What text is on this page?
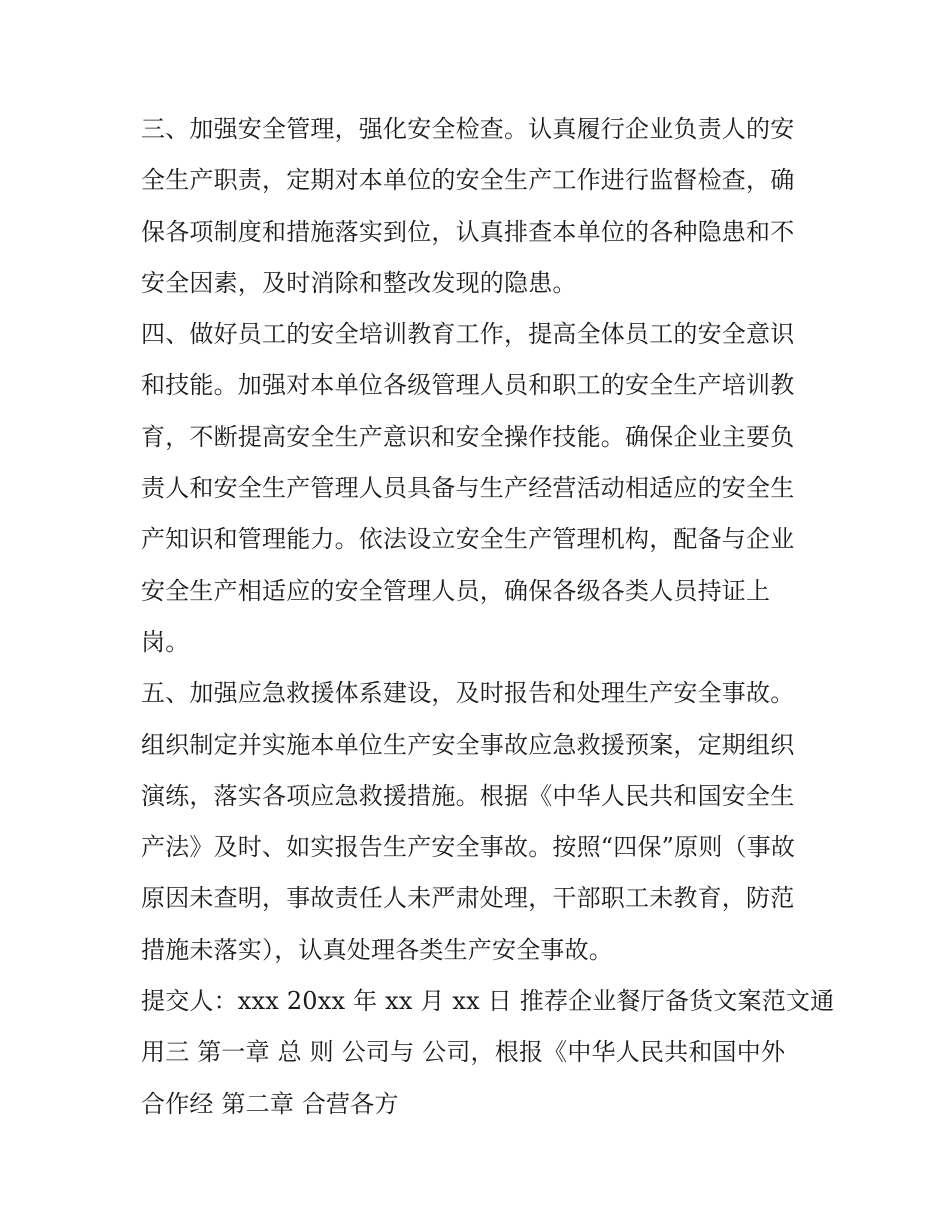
三、加强安全管理，强化安全检查。认真履行企业负责人的安
全生产职责，定期对本单位的安全生产工作进行监督检查，确
保各项制度和措施落实到位，认真排查本单位的各种隐患和不
安全因素，及时消除和整改发现的隐患。
四、做好员工的安全培训教育工作，提高全体员工的安全意识
和技能。加强对本单位各级管理人员和职工的安全生产培训教
育，不断提高安全生产意识和安全操作技能。确保企业主要负
责人和安全生产管理人员具备与生产经营活动相适应的安全生
产知识和管理能力。依法设立安全生产管理机构，配备与企业
安全生产相适应的安全管理人员，确保各级各类人员持证上
岗。
五、加强应急救援体系建设，及时报告和处理生产安全事故。
组织制定并实施本单位生产安全事故应急救援预案，定期组织
演练，落实各项应急救援措施。根据《中华人民共和国安全生
产法》及时、如实报告生产安全事故。按照“四保”原则（事故
原因未查明，事故责任人未严肃处理，干部职工未教育，防范
措施未落实），认真处理各类生产安全事故。
提交人：xxx 20xx 年 xx 月 xx 日 推荐企业餐厅备货文案范文通
用三 第一章 总 则 公司与 公司，根报《中华人民共和国中外
合作经 第二章 合营各方
